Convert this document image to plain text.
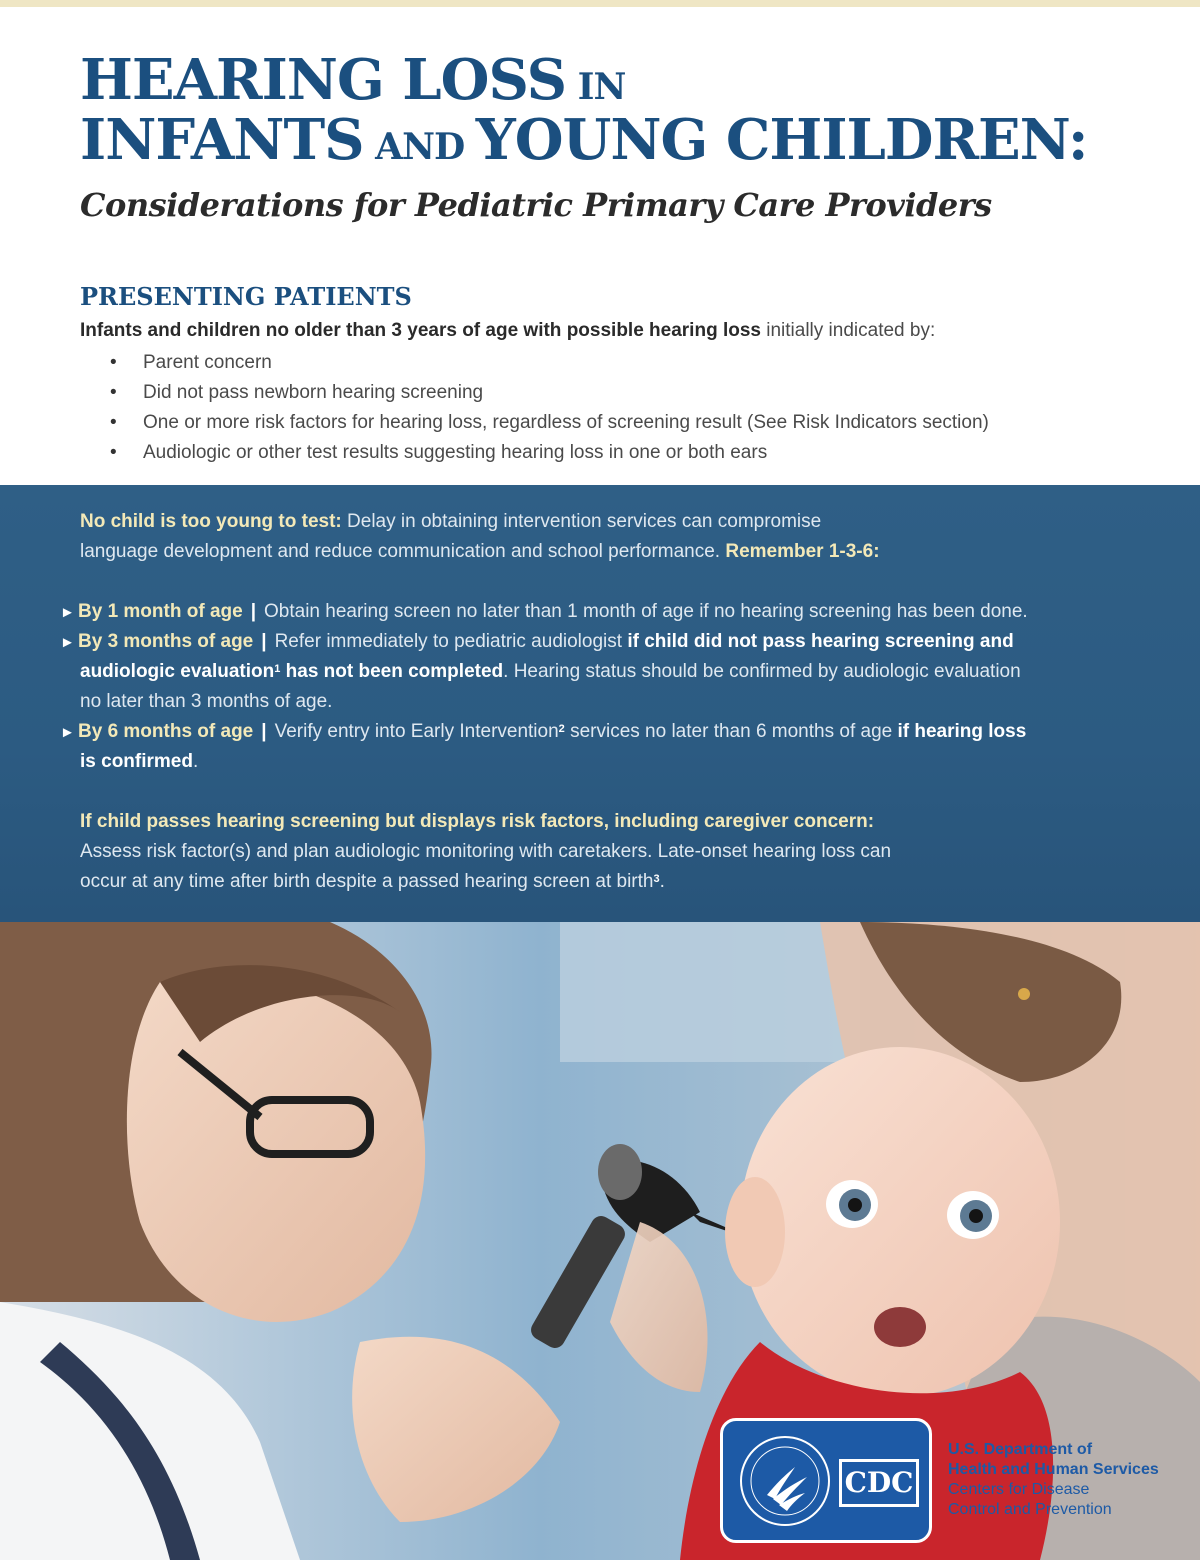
HEARING LOSS IN
INFANTS AND YOUNG CHILDREN:
Considerations for Pediatric Primary Care Providers
PRESENTING PATIENTS

Infants and children no older than 3 years of age with possible hearing loss initially indicated by:

• Parent concern
• Did not pass newborn hearing screening
• One or more risk factors for hearing loss, regardless of screening result (See Risk Indicators section)
• Audiologic or other test results suggesting hearing loss in one or both ears

No child is too young to test: Delay in obtaining intervention services can compromise

language development and reduce communication and school performance. Remember 1-3-6:

► By 1 month of age | Obtain hearing screen no later than 1 month of age if no hearing screening has been done.

► By 3 months of age | Refer immediately to pediatric audiologist if child did not pass hearing screening and

audiologic evaluation$^1$ has not been completed. Hearing status should be confirmed by audiologic evaluation

no later than 3 months of age.

► By 6 months of age | Verify entry into Early Intervention$^2$ services no later than 6 months of age if hearing loss

is confirmed.

If child passes hearing screening but displays risk factors, including caregiver concern:

Assess risk factor(s) and plan audiologic monitoring with caretakers. Late-onset hearing loss can

occur at any time after birth despite a passed hearing screen at birth$^3$.

CDC
U.S. Department of
Health and Human Services
Centers for Disease
Control and Prevention
